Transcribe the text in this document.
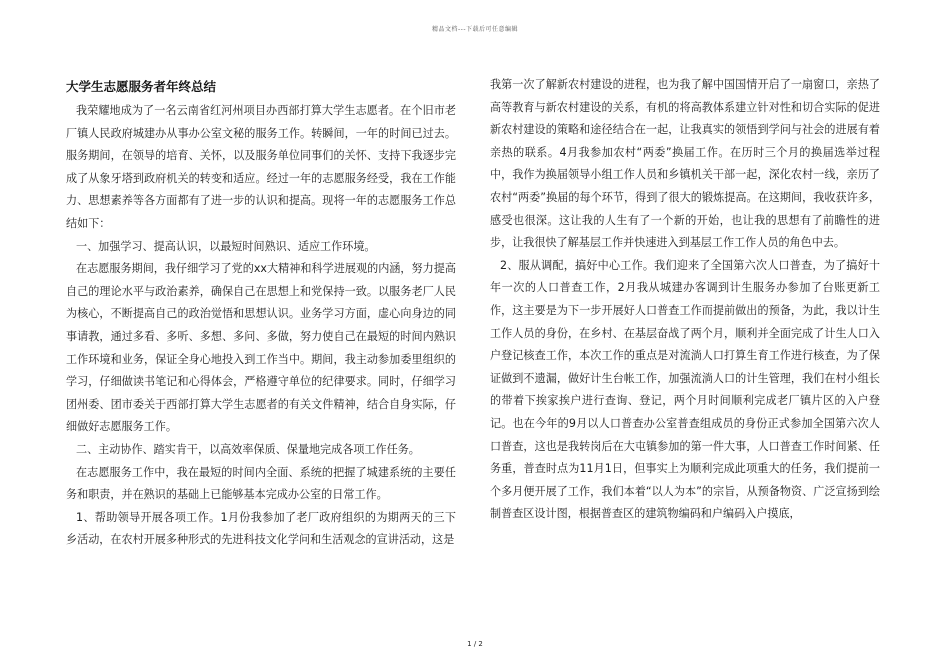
精品文档---下载后可任意编辑
大学生志愿服务者年终总结

我荣耀地成为了一名云南省红河州项目办西部打算大学生志愿者。在个旧市老厂镇人民政府城建办从事办公室文秘的服务工作。转瞬间，一年的时间已过去。服务期间，在领导的培育、关怀，以及服务单位同事们的关怀、支持下我逐步完成了从象牙塔到政府机关的转变和适应。经过一年的志愿服务经受，我在工作能力、思想素养等各方面都有了进一步的认识和提高。现将一年的志愿服务工作总结如下：

一、加强学习、提高认识，以最短时间熟识、适应工作环境。

在志愿服务期间，我仔细学习了党的xx大精神和科学进展观的内涵，努力提高自己的理论水平与政治素养，确保自己在思想上和党保持一致。以服务老厂人民为核心，不断提高自己的政治觉悟和思想认识。业务学习方面，虚心向身边的同事请教，通过多看、多听、多想、多问、多做，努力使自己在最短的时间内熟识工作环境和业务，保证全身心地投入到工作当中。期间，我主动参加委里组织的学习，仔细做读书笔记和心得体会，严格遵守单位的纪律要求。同时，仔细学习团州委、团市委关于西部打算大学生志愿者的有关文件精神，结合自身实际，仔细做好志愿服务工作。

二、主动协作、踏实肯干，以高效率保质、保量地完成各项工作任务。

在志愿服务工作中，我在最短的时间内全面、系统的把握了城建系统的主要任务和职责，并在熟识的基础上已能够基本完成办公室的日常工作。

1、帮助领导开展各项工作。1月份我参加了老厂政府组织的为期两天的三下乡活动，在农村开展多种形式的先进科技文化学问和生活观念的宣讲活动，这是

我第一次了解新农村建设的进程，也为我了解中国国情开启了一扇窗口，亲热了高等教育与新农村建设的关系，有机的将高教体系建立针对性和切合实际的促进新农村建设的策略和途径结合在一起，让我真实的领悟到学问与社会的进展有着亲热的联系。4月我参加农村“两委”换届工作。在历时三个月的换届选举过程中，我作为换届领导小组工作人员和乡镇机关干部一起，深化农村一线，亲历了农村“两委”换届的每个环节，得到了很大的锻炼提高。在这期间，我收获许多，感受也很深。这让我的人生有了一个新的开始，也让我的思想有了前瞻性的进步，让我很快了解基层工作并快速进入到基层工作工作人员的角色中去。

2、服从调配，搞好中心工作。我们迎来了全国第六次人口普查，为了搞好十年一次的人口普查工作，2月我从城建办客调到计生服务办参加了台账更新工作，这主要是为下一步开展好人口普查工作而提前做出的预备，为此，我以计生工作人员的身份，在乡村、在基层奋战了两个月，顺利并全面完成了计生人口入户登记核查工作，本次工作的重点是对流淌人口打算生育工作进行核查，为了保证做到不遗漏，做好计生台帐工作，加强流淌人口的计生管理，我们在村小组长的带着下挨家挨户进行查询、登记，两个月时间顺利完成老厂镇片区的入户登记。也在今年的9月以人口普查办公室普查组成员的身份正式参加全国第六次人口普查，这也是我转岗后在大屯镇参加的第一件大事，人口普查工作时间紧、任务重，普查时点为11月1日，但事实上为顺利完成此项重大的任务，我们提前一个多月便开展了工作，我们本着“以人为本”的宗旨，从预备物资、广泛宣扬到绘制普查区设计图，根据普查区的建筑物编码和户编码入户摸底，

1 / 2
